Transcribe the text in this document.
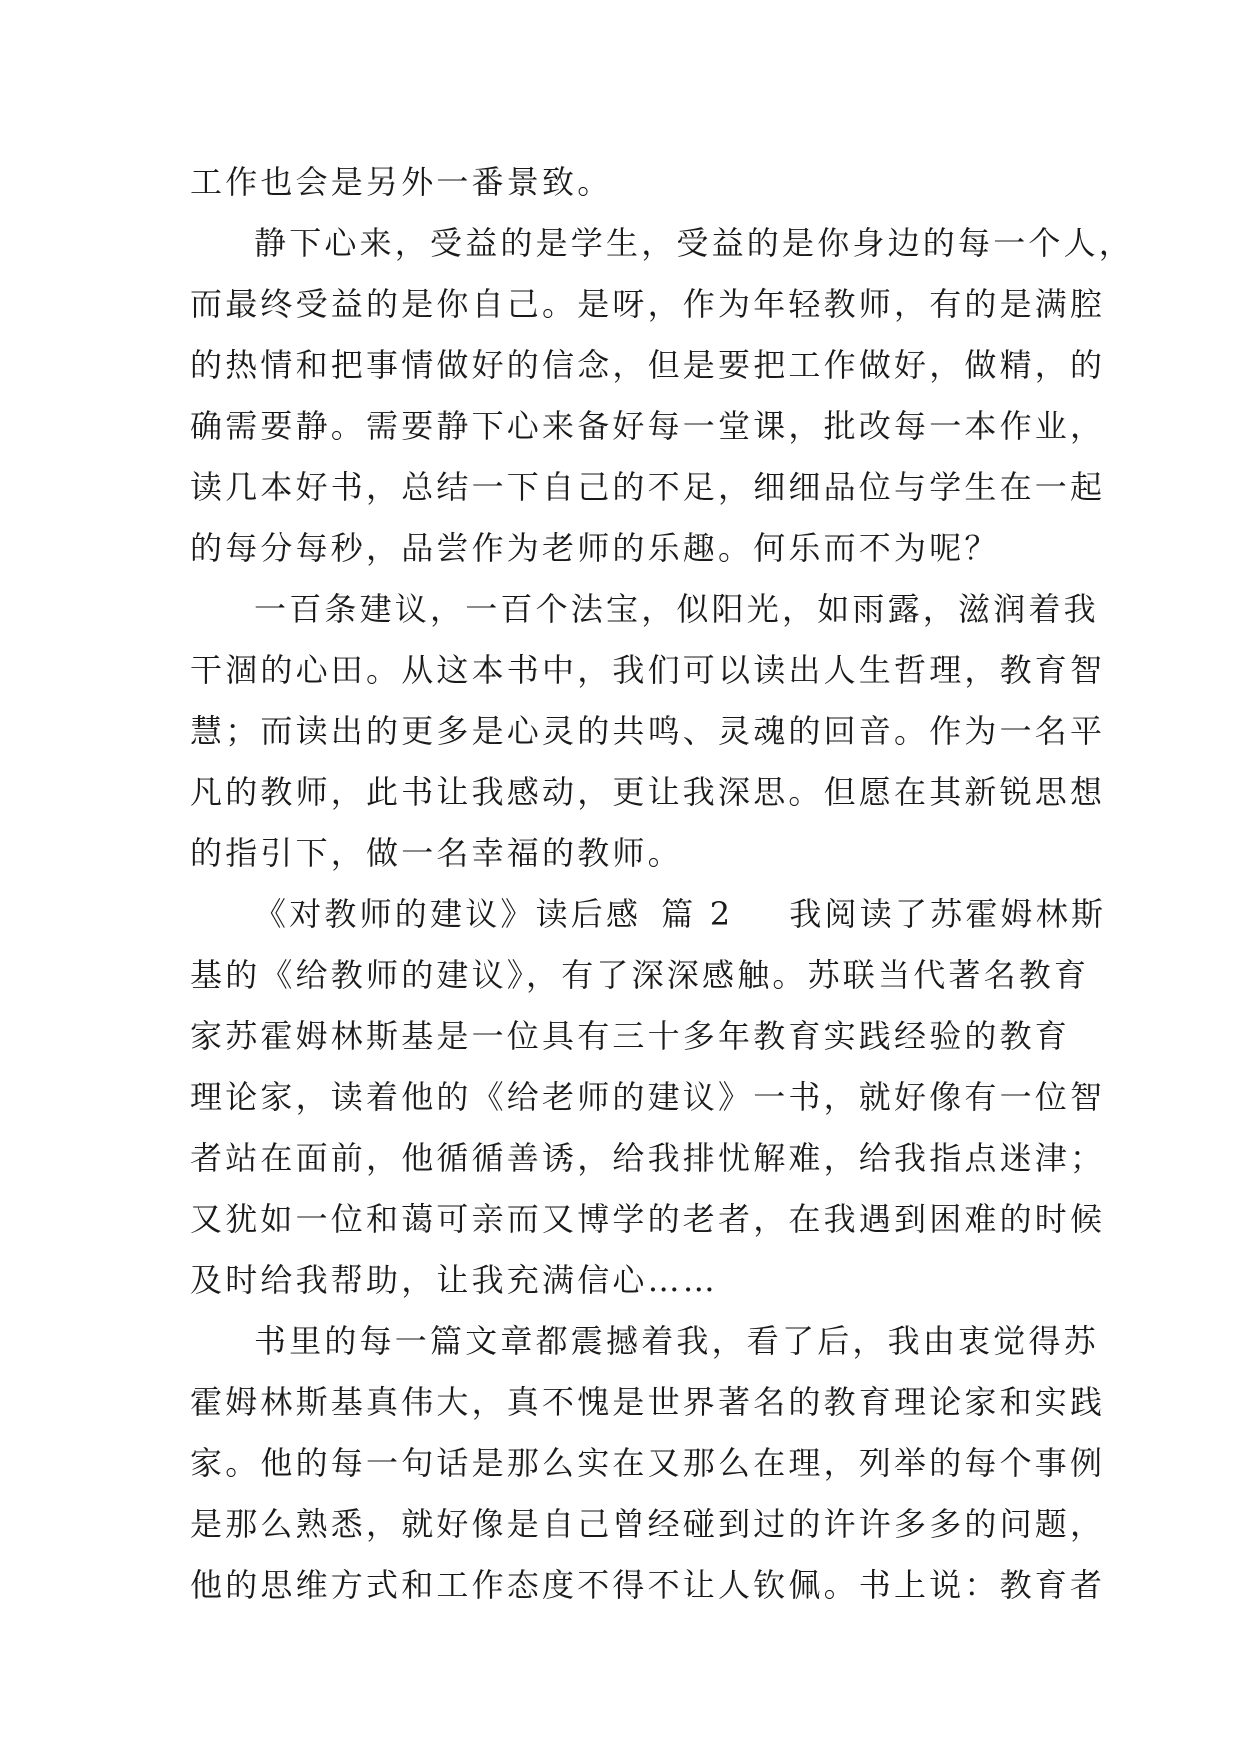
工作也会是另外一番景致。
静下心来，受益的是学生，受益的是你身边的每一个人，
而最终受益的是你自己。是呀，作为年轻教师，有的是满腔
的热情和把事情做好的信念，但是要把工作做好，做精，的
确需要静。需要静下心来备好每一堂课，批改每一本作业，
读几本好书，总结一下自己的不足，细细品位与学生在一起
的每分每秒，品尝作为老师的乐趣。何乐而不为呢？
一百条建议，一百个法宝，似阳光，如雨露，滋润着我
干涸的心田。从这本书中，我们可以读出人生哲理，教育智
慧；而读出的更多是心灵的共鸣、灵魂的回音。作为一名平
凡的教师，此书让我感动，更让我深思。但愿在其新锐思想
的指引下，做一名幸福的教师。
《对教师的建议》读后感 篇 2 我阅读了苏霍姆林斯
基的《给教师的建议》，有了深深感触。苏联当代著名教育
家苏霍姆林斯基是一位具有三十多年教育实践经验的教育
理论家，读着他的《给老师的建议》一书，就好像有一位智
者站在面前，他循循善诱，给我排忧解难，给我指点迷津；
又犹如一位和蔼可亲而又博学的老者，在我遇到困难的时候
及时给我帮助，让我充满信心……
书里的每一篇文章都震撼着我，看了后，我由衷觉得苏
霍姆林斯基真伟大，真不愧是世界著名的教育理论家和实践
家。他的每一句话是那么实在又那么在理，列举的每个事例
是那么熟悉，就好像是自己曾经碰到过的许许多多的问题，
他的思维方式和工作态度不得不让人钦佩。书上说：教育者
